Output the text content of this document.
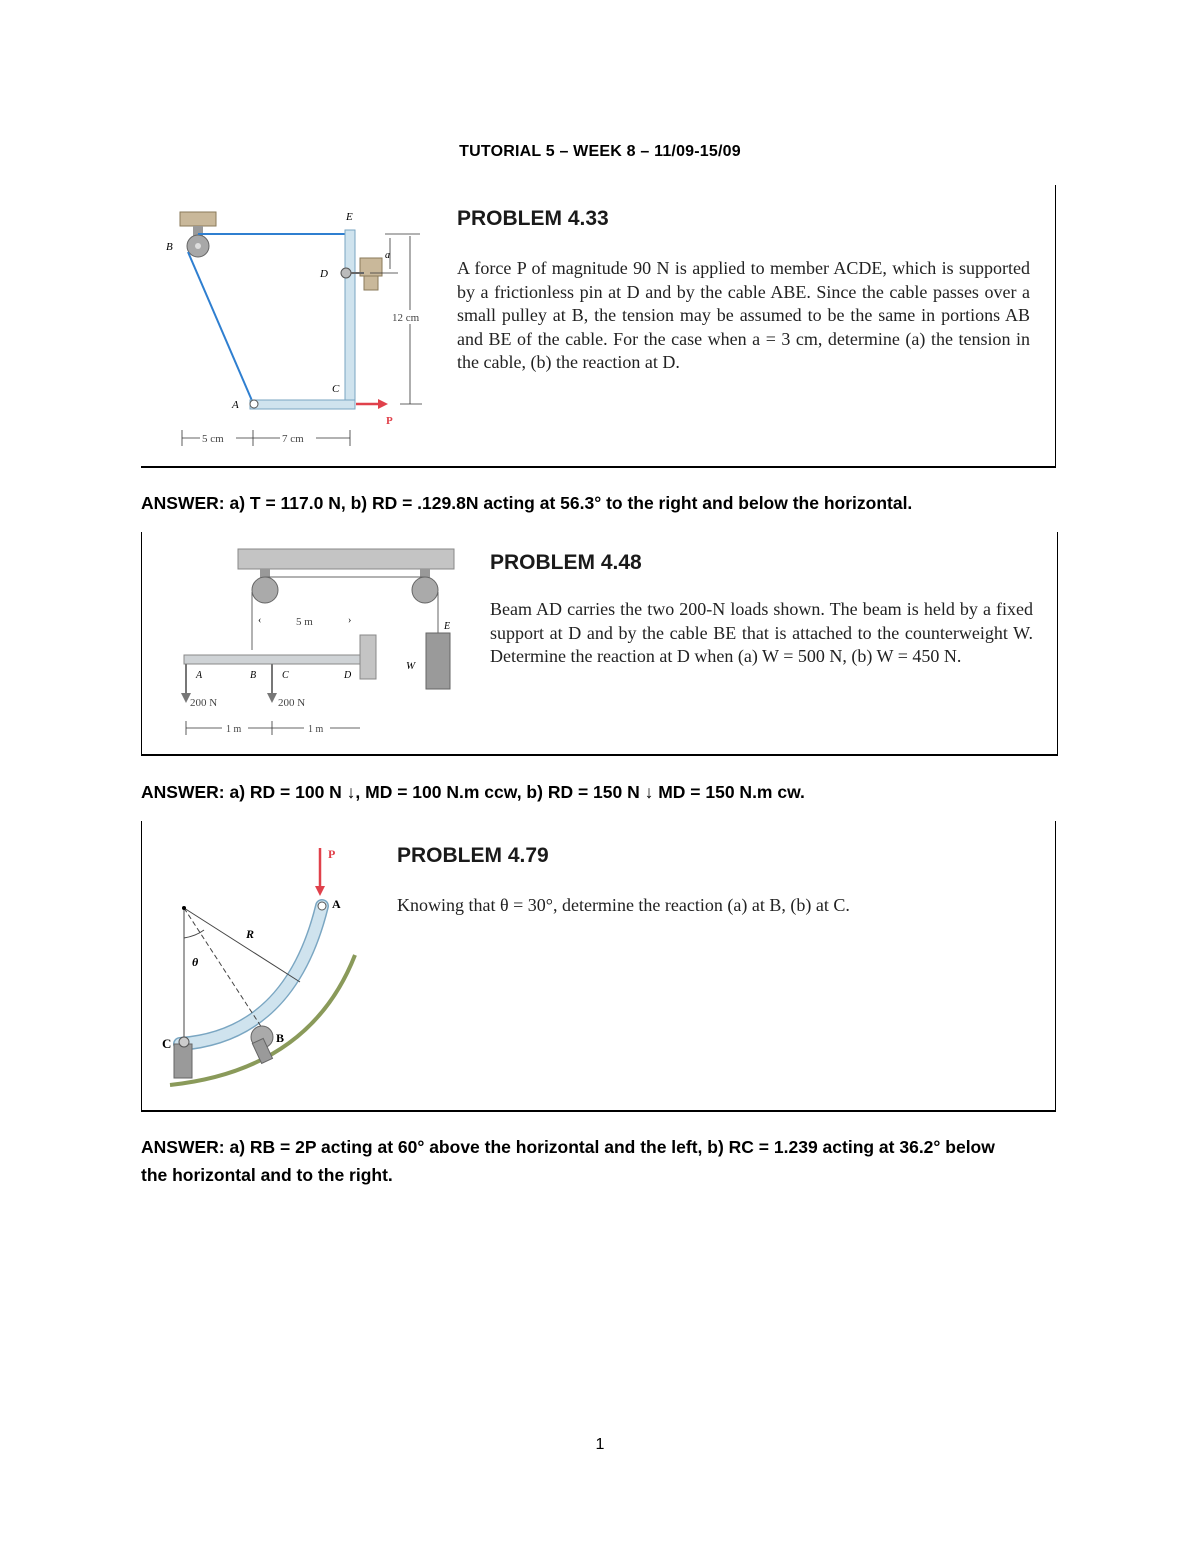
TUTORIAL 5 – WEEK 8 – 11/09-15/09
B
E
D
a
12 cm
C
A
P
5 cm	7 cm
PROBLEM 4.33
A force P of magnitude 90 N is applied to member ACDE, which is supported by a frictionless pin at D and by the cable ABE. Since the cable passes over a small pulley at B, the tension may be assumed to be the same in portions AB and BE of the cable. For the case when a = 3 cm, determine (a) the tension in the cable, (b) the reaction at D.
ANSWER: a) T = 117.0 N, b) RD = .129.8N acting at 56.3° to the right and below the horizontal.
‹	5 m	›
E
W
A	B	C	D
200 N	200 N
1 m	1 m
PROBLEM 4.48
Beam AD carries the two 200-N loads shown. The beam is held by a fixed support at D and by the cable BE that is attached to the counterweight W. Determine the reaction at D when (a) W = 500 N, (b) W = 450 N.
ANSWER: a) RD = 100 N ↓, MD = 100 N.m ccw, b) RD = 150 N ↓ MD = 150 N.m cw.
P
A
θ
R
C	B
PROBLEM 4.79
Knowing that θ = 30°, determine the reaction (a) at B, (b) at C.
ANSWER: a) RB = 2P acting at 60° above the horizontal and the left, b) RC = 1.239 acting at 36.2° below
the horizontal and to the right.
1
